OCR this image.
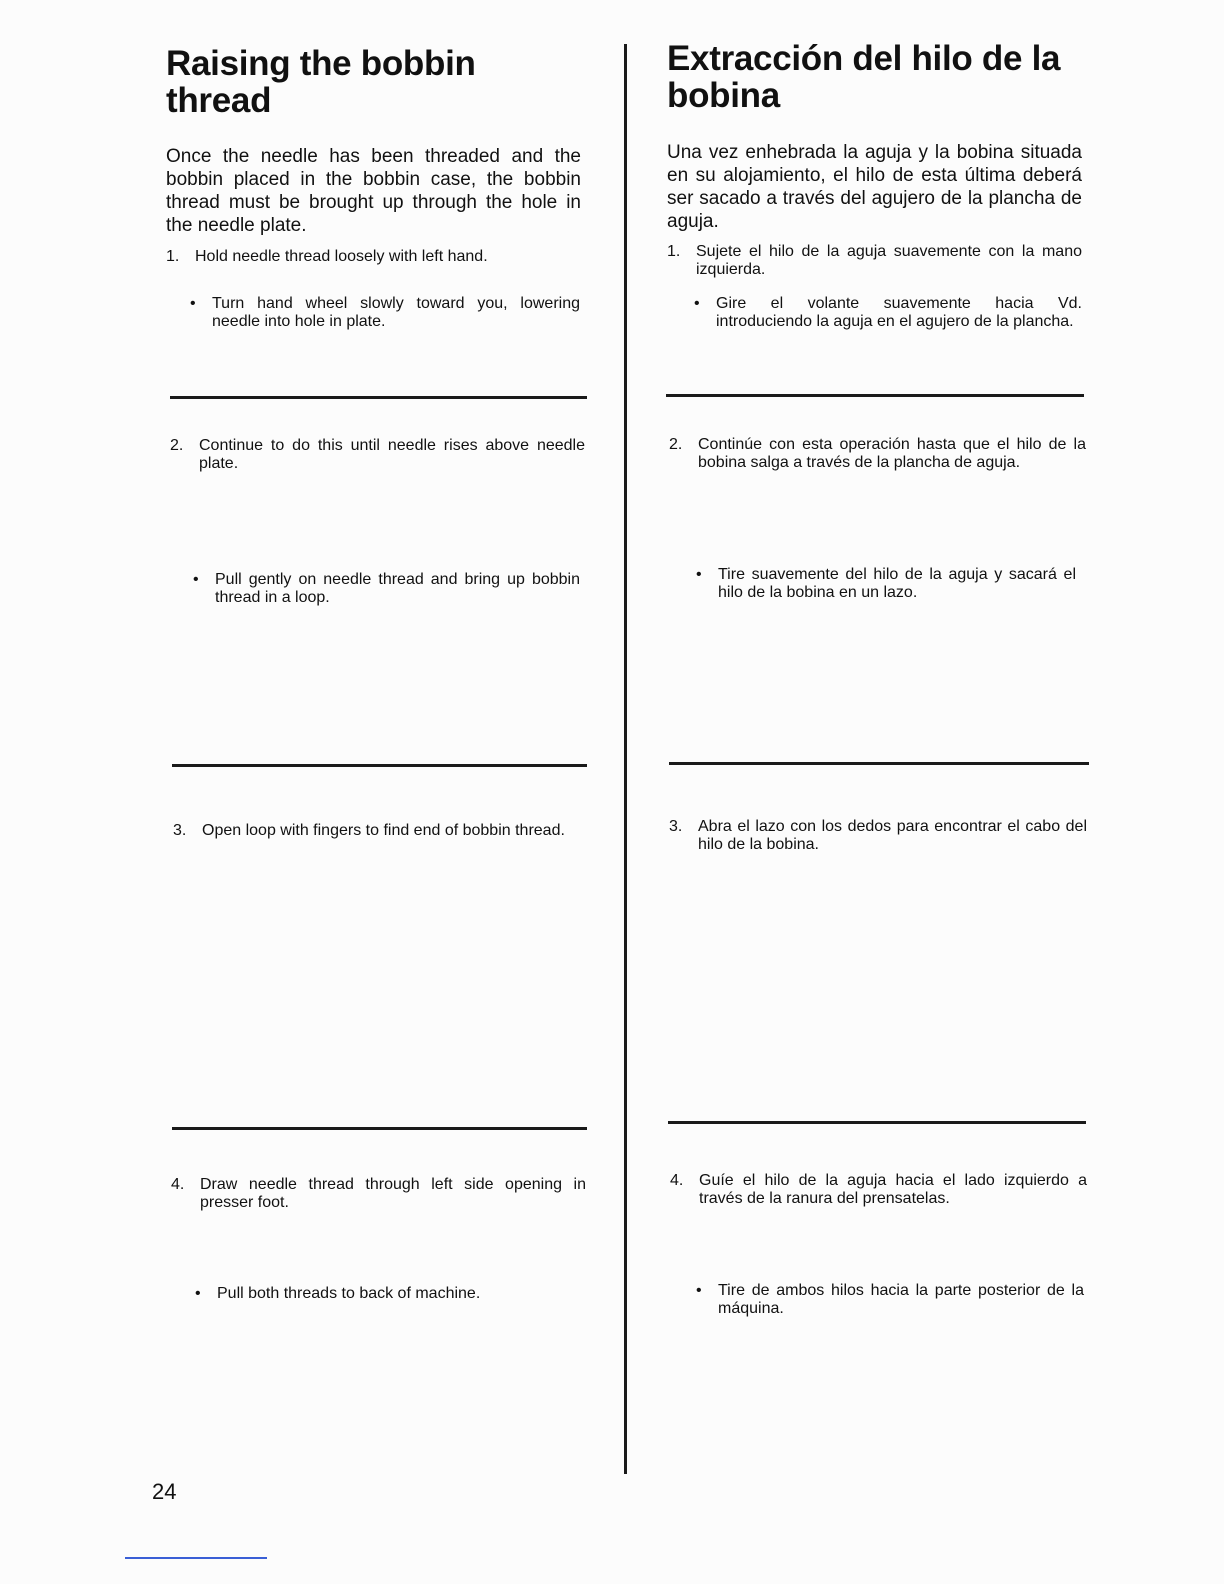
Raising the bobbin thread

Once the needle has been threaded and the bobbin placed in the bobbin case, the bobbin thread must be brought up through the hole in the needle plate.

1. Hold needle thread loosely with left hand.
• Turn hand wheel slowly toward you, lowering needle into hole in plate.
2. Continue to do this until needle rises above needle plate.
• Pull gently on needle thread and bring up bobbin thread in a loop.
3. Open loop with fingers to find end of bobbin thread.
4. Draw needle thread through left side opening in presser foot.
• Pull both threads to back of machine.
Extracción del hilo de la bobina

Una vez enhebrada la aguja y la bobina situada en su alojamiento, el hilo de esta última deberá ser sacado a través del agujero de la plancha de aguja.

1. Sujete el hilo de la aguja suavemente con la mano izquierda.
• Gire el volante suavemente hacia Vd. introduciendo la aguja en el agujero de la plancha.
2. Continúe con esta operación hasta que el hilo de la bobina salga a través de la plancha de aguja.
• Tire suavemente del hilo de la aguja y sacará el hilo de la bobina en un lazo.
3. Abra el lazo con los dedos para encontrar el cabo del hilo de la bobina.
4. Guíe el hilo de la aguja hacia el lado izquierdo a través de la ranura del prensatelas.
• Tire de ambos hilos hacia la parte posterior de la máquina.
24
